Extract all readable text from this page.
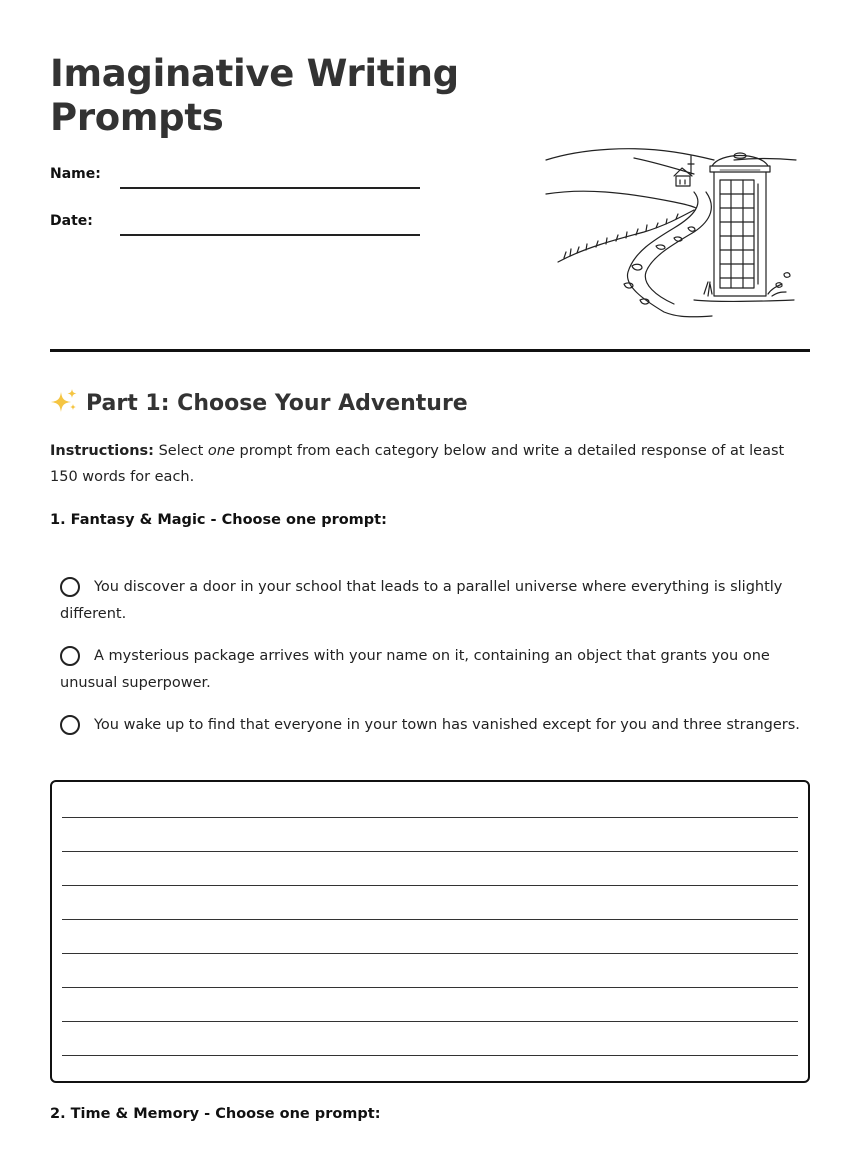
Imaginative Writing
Prompts
Name:
Date:
Part 1: Choose Your Adventure

Instructions: Select one prompt from each category below and write a detailed response of at least 150 words for each.

1. Fantasy & Magic - Choose one prompt:

You discover a door in your school that leads to a parallel universe where everything is slightly different.
A mysterious package arrives with your name on it, containing an object that grants you one unusual superpower.
You wake up to find that everyone in your town has vanished except for you and three strangers.

2. Time & Memory - Choose one prompt:
